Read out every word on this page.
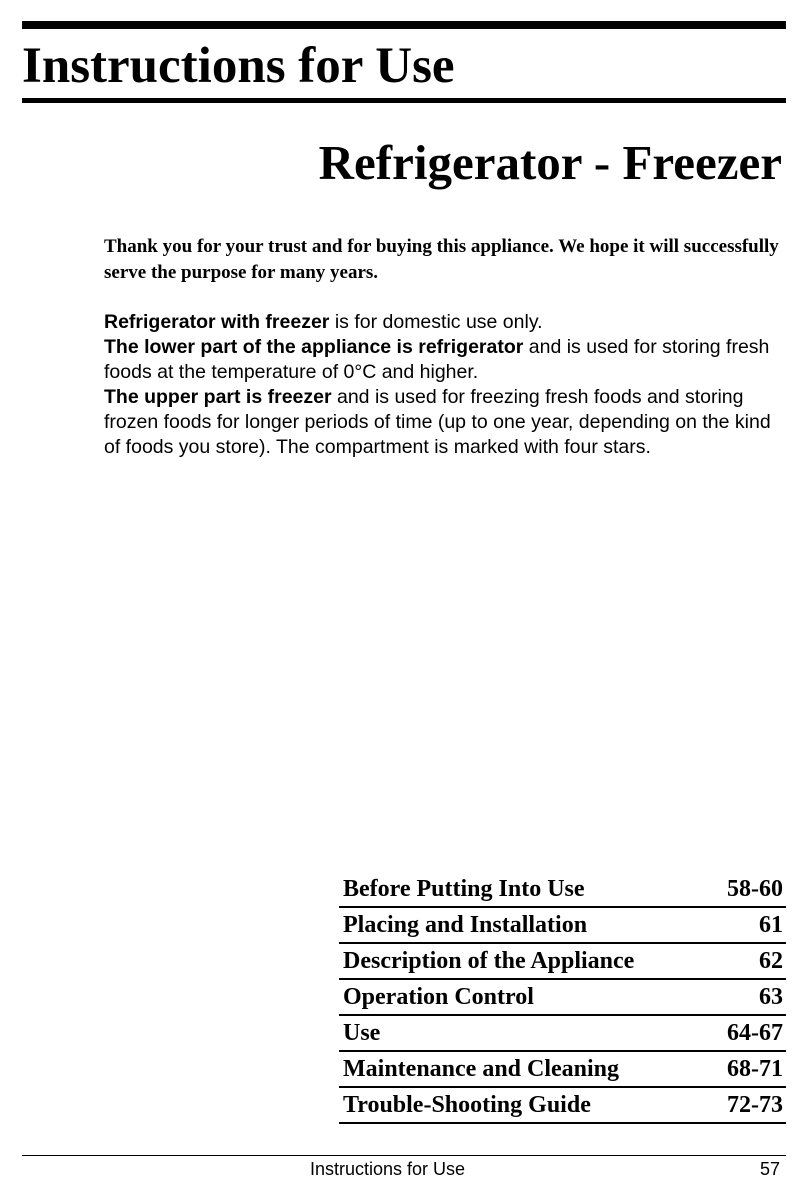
Instructions for Use
Refrigerator - Freezer

Thank you for your trust and for buying this appliance. We hope it will successfully serve the purpose for many years.

Refrigerator with freezer is for domestic use only.
The lower part of the appliance is refrigerator and is used for storing fresh foods at the temperature of 0°C and higher.
The upper part is freezer and is used for freezing fresh foods and storing frozen foods for longer periods of time (up to one year, depending on the kind of foods you store). The compartment is marked with four stars.
Before Putting Into Use	58-60
Placing and Installation	61
Description of the Appliance	62
Operation Control	63
Use	64-67
Maintenance and Cleaning	68-71
Trouble-Shooting Guide	72-73
Instructions for Use	57
